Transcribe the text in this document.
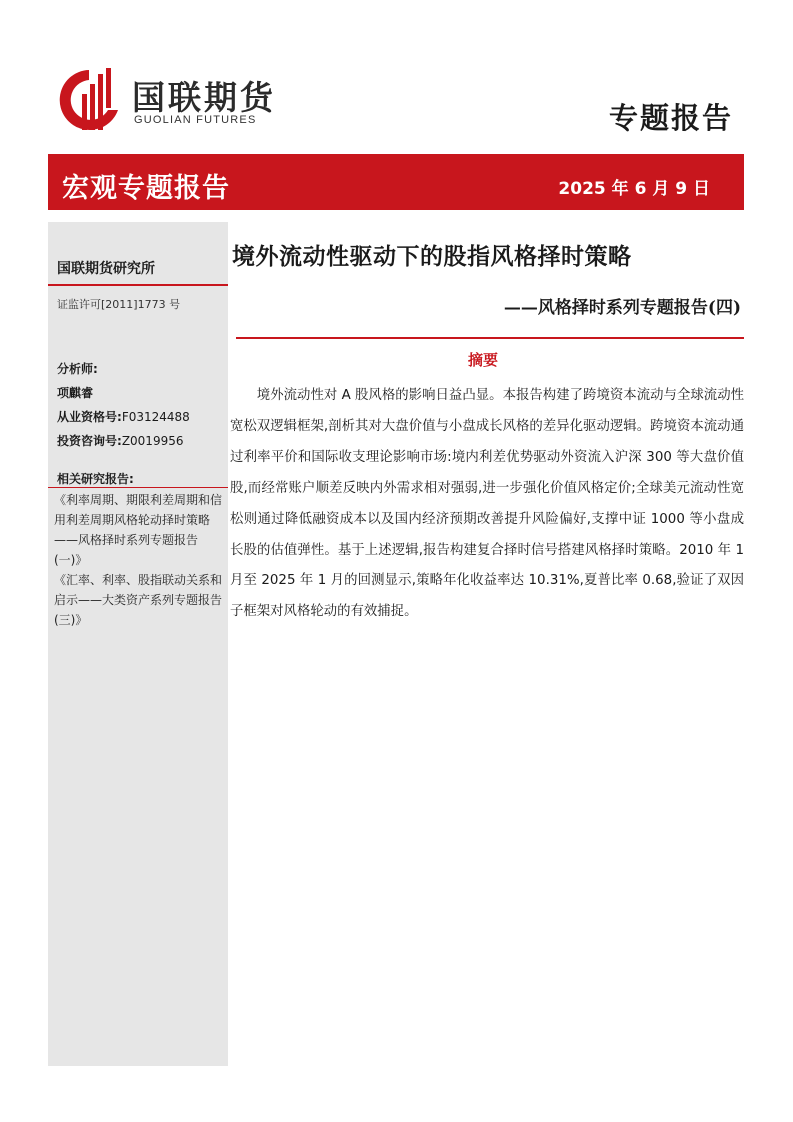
国联期货
GUOLIAN FUTURES	专题报告
宏观专题报告	2025 年 6 月 9 日
国联期货研究所
证监许可[2011]1773 号
分析师:
项麒睿
从业资格号:F03124488
投资咨询号:Z0019956
相关研究报告:
《利率周期、期限利差周期和信用利差周期风格轮动择时策略——风格择时系列专题报告(一)》
《汇率、利率、股指联动关系和启示——大类资产系列专题报告(三)》
境外流动性驱动下的股指风格择时策略
——风格择时系列专题报告(四)
摘要

境外流动性对 A 股风格的影响日益凸显。本报告构建了跨境资本流动与全球流动性宽松双逻辑框架,剖析其对大盘价值与小盘成长风格的差异化驱动逻辑。跨境资本流动通过利率平价和国际收支理论影响市场:境内利差优势驱动外资流入沪深 300 等大盘价值股,而经常账户顺差反映内外需求相对强弱,进一步强化价值风格定价;全球美元流动性宽松则通过降低融资成本以及国内经济预期改善提升风险偏好,支撑中证 1000 等小盘成长股的估值弹性。基于上述逻辑,报告构建复合择时信号搭建风格择时策略。2010 年 1 月至 2025 年 1 月的回测显示,策略年化收益率达 10.31%,夏普比率 0.68,验证了双因子框架对风格轮动的有效捕捉。
